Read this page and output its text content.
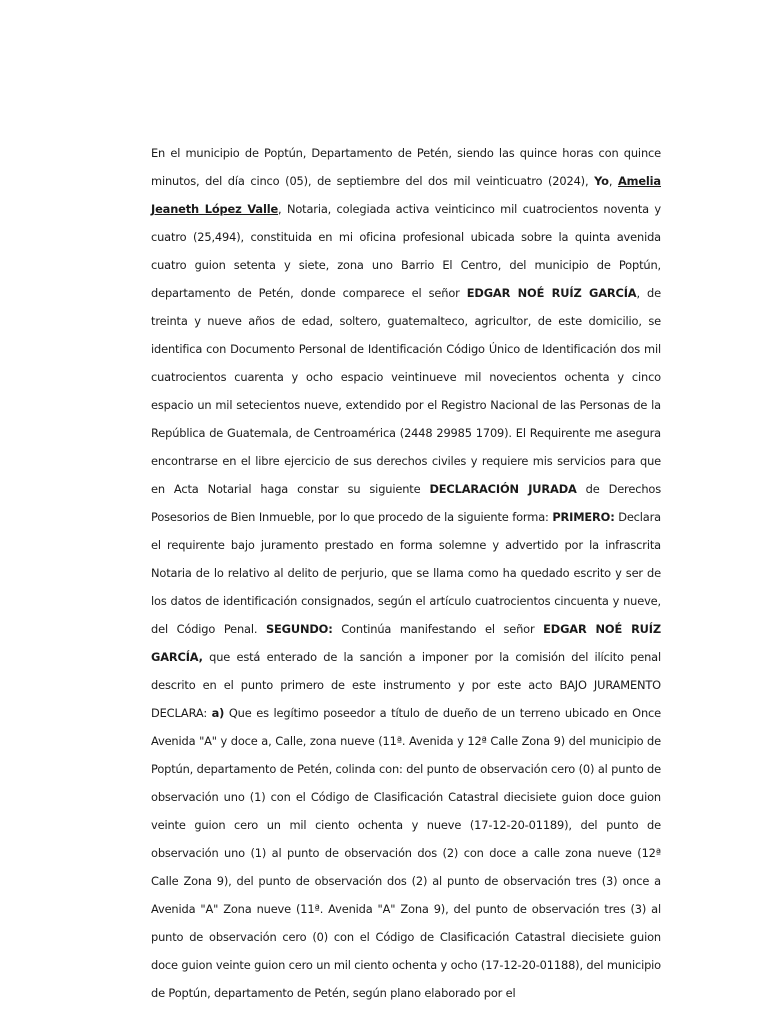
En el municipio de Poptún, Departamento de Petén, siendo las quince horas con quince minutos, del día cinco (05), de septiembre del dos mil veinticuatro (2024), Yo, Amelia Jeaneth López Valle, Notaria, colegiada activa veinticinco mil cuatrocientos noventa y cuatro (25,494), constituida en mi oficina profesional ubicada sobre la quinta avenida cuatro guion setenta y siete, zona uno Barrio El Centro, del municipio de Poptún, departamento de Petén, donde comparece el señor EDGAR NOÉ RUÍZ GARCÍA, de treinta y nueve años de edad, soltero, guatemalteco, agricultor, de este domicilio, se identifica con Documento Personal de Identificación Código Único de Identificación dos mil cuatrocientos cuarenta y ocho espacio veintinueve mil novecientos ochenta y cinco espacio un mil setecientos nueve, extendido por el Registro Nacional de las Personas de la República de Guatemala, de Centroamérica (2448 29985 1709). El Requirente me asegura encontrarse en el libre ejercicio de sus derechos civiles y requiere mis servicios para que en Acta Notarial haga constar su siguiente DECLARACIÓN JURADA de Derechos Posesorios de Bien Inmueble, por lo que procedo de la siguiente forma: PRIMERO: Declara el requirente bajo juramento prestado en forma solemne y advertido por la infrascrita Notaria de lo relativo al delito de perjurio, que se llama como ha quedado escrito y ser de los datos de identificación consignados, según el artículo cuatrocientos cincuenta y nueve, del Código Penal. SEGUNDO: Continúa manifestando el señor EDGAR NOÉ RUÍZ GARCÍA, que está enterado de la sanción a imponer por la comisión del ilícito penal descrito en el punto primero de este instrumento y por este acto BAJO JURAMENTO DECLARA: a) Que es legítimo poseedor a título de dueño de un terreno ubicado en Once Avenida "A" y doce a, Calle, zona nueve (11ª. Avenida y 12ª Calle Zona 9) del municipio de Poptún, departamento de Petén, colinda con: del punto de observación cero (0) al punto de observación uno (1) con el Código de Clasificación Catastral diecisiete guion doce guion veinte guion cero un mil ciento ochenta y nueve (17-12-20-01189), del punto de observación uno (1) al punto de observación dos (2) con doce a calle zona nueve (12ª Calle Zona 9), del punto de observación dos (2) al punto de observación tres (3) once a Avenida "A" Zona nueve (11ª. Avenida "A" Zona 9), del punto de observación tres (3) al punto de observación cero (0) con el Código de Clasificación Catastral diecisiete guion doce guion veinte guion cero un mil ciento ochenta y ocho (17-12-20-01188), del municipio de Poptún, departamento de Petén, según plano elaborado por el
